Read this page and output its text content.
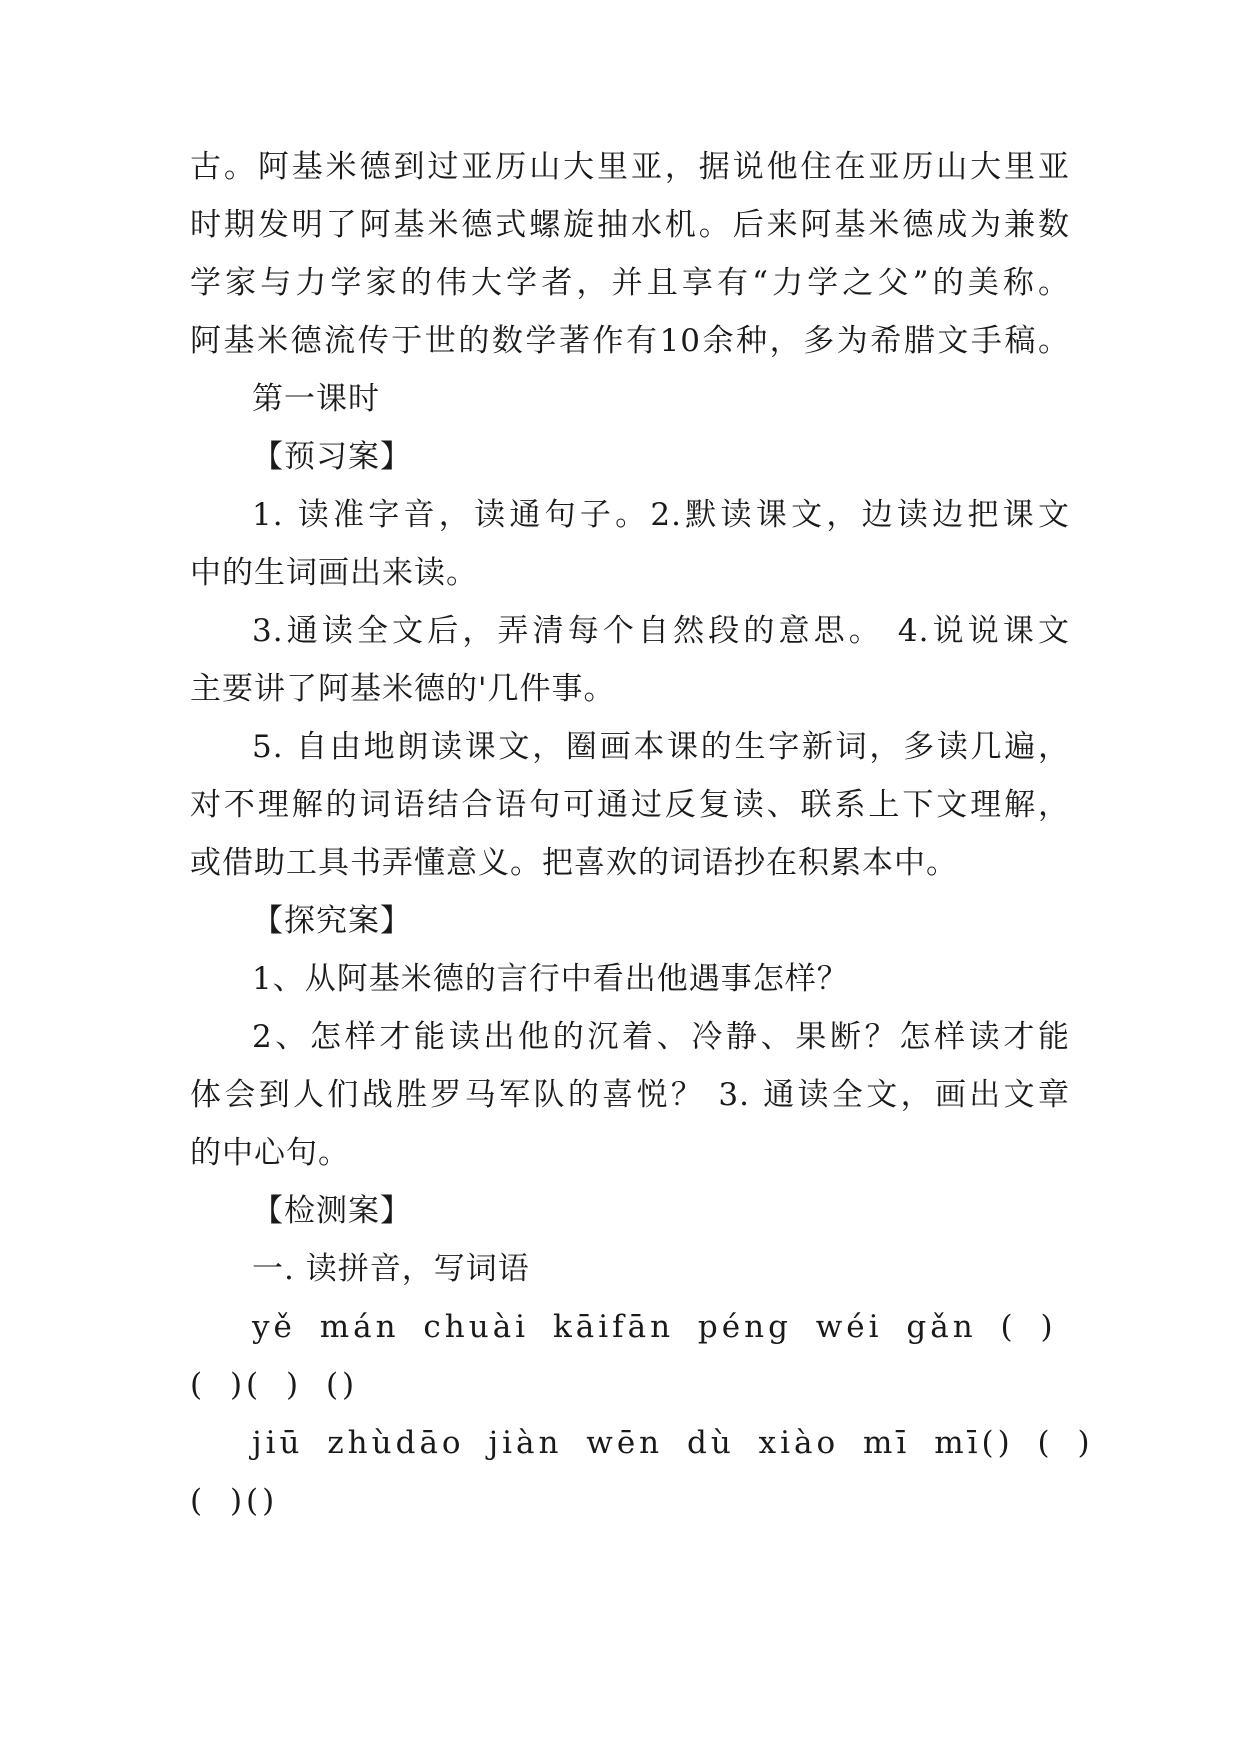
古。阿基米德到过亚历山大里亚，据说他住在亚历山大里亚
时期发明了阿基米德式螺旋抽水机。后来阿基米德成为兼数
学家与力学家的伟大学者，并且享有“力学之父”的美称。
阿基米德流传于世的数学著作有10余种，多为希腊文手稿。
第一课时
【预习案】
1. 读准字音，读通句子。2.默读课文，边读边把课文
中的生词画出来读。
3.通读全文后，弄清每个自然段的意思。 4.说说课文
主要讲了阿基米德的'几件事。
5. 自由地朗读课文，圈画本课的生字新词，多读几遍，
对不理解的词语结合语句可通过反复读、联系上下文理解，
或借助工具书弄懂意义。把喜欢的词语抄在积累本中。
【探究案】
1、从阿基米德的言行中看出他遇事怎样？
2、怎样才能读出他的沉着、冷静、果断？怎样读才能
体会到人们战胜罗马军队的喜悦？ 3. 通读全文，画出文章
的中心句。
【检测案】
一. 读拼音，写词语
yě mán chuài kāifān péng wéi gǎn ( )
( )( ) ()
jiū zhùdāo jiàn wēn dù xiào mī mī() ( )
( )()
